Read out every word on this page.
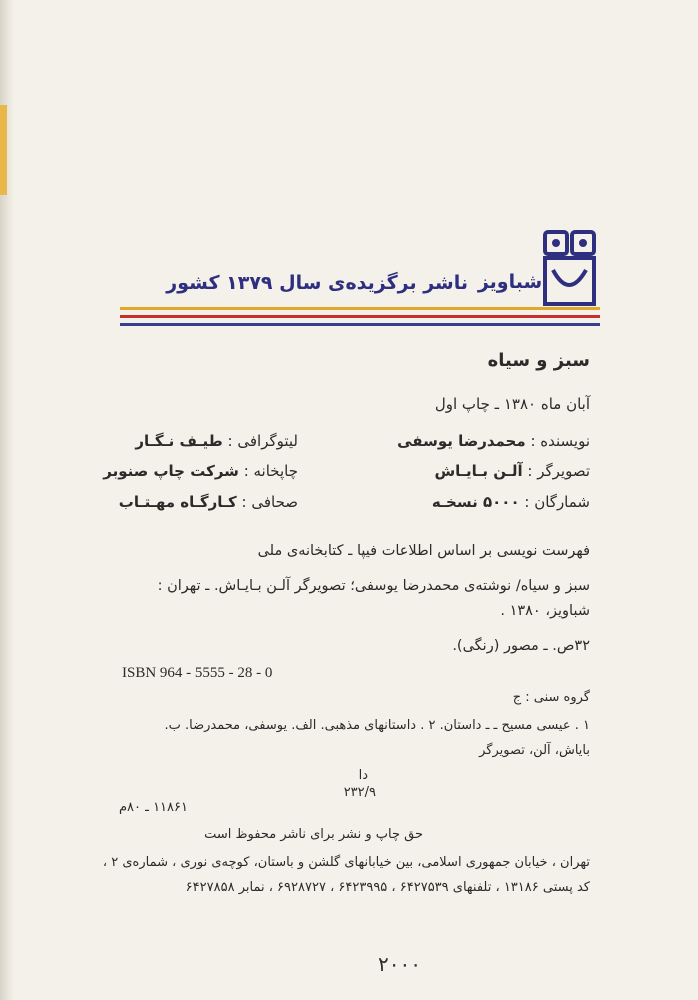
شباویز
ناشر برگزیده‌ی سال ۱۳۷۹ کشور
سبز و سیاه
آبان ماه ۱۳۸۰ ـ چاپ اول
نویسنده : محمدرضا یوسفی
تصویرگر : آلـن بـایـاش
شمارگان : ۵۰۰۰ نسخـه
لیتوگرافی : طیـف نـگـار
چاپخانه : شرکت چاپ صنوبر
صحافی : کـارگـاه مهـتـاب
فهرست نویسی بر اساس اطلاعات فیپا ـ کتابخانه‌ی ملی
سبز و سیاه/ نوشته‌ی محمدرضا یوسفی؛ تصویرگر آلـن بـایـاش. ـ تهران :
شباویز، ۱۳۸۰ .
۳۲ص. ـ مصور (رنگی).
ISBN 964 - 5555 - 28 - 0
گروه سنی : ج
۱ . عیسی مسیح ـ ـ داستان. ۲ . داستانهای مذهبی. الف. یوسفی، محمدرضا. ب.
بایاش، آلن، تصویرگر
دا
۲۳۲/۹
۱۱۸۶۱ ـ ۸۰م
حق چاپ و نشر برای ناشر محفوظ است
تهران ، خیابان جمهوری اسلامی، بین خیابانهای گلشن و باستان، کوچه‌ی نوری ، شماره‌ی ۲ ،
کد پستی ۱۳۱۸۶ ، تلفنهای ۶۴۲۷۵۳۹ ، ۶۴۲۳۹۹۵ ، ۶۹۲۸۷۲۷ ، نمابر ۶۴۲۷۸۵۸
۲۰۰۰
